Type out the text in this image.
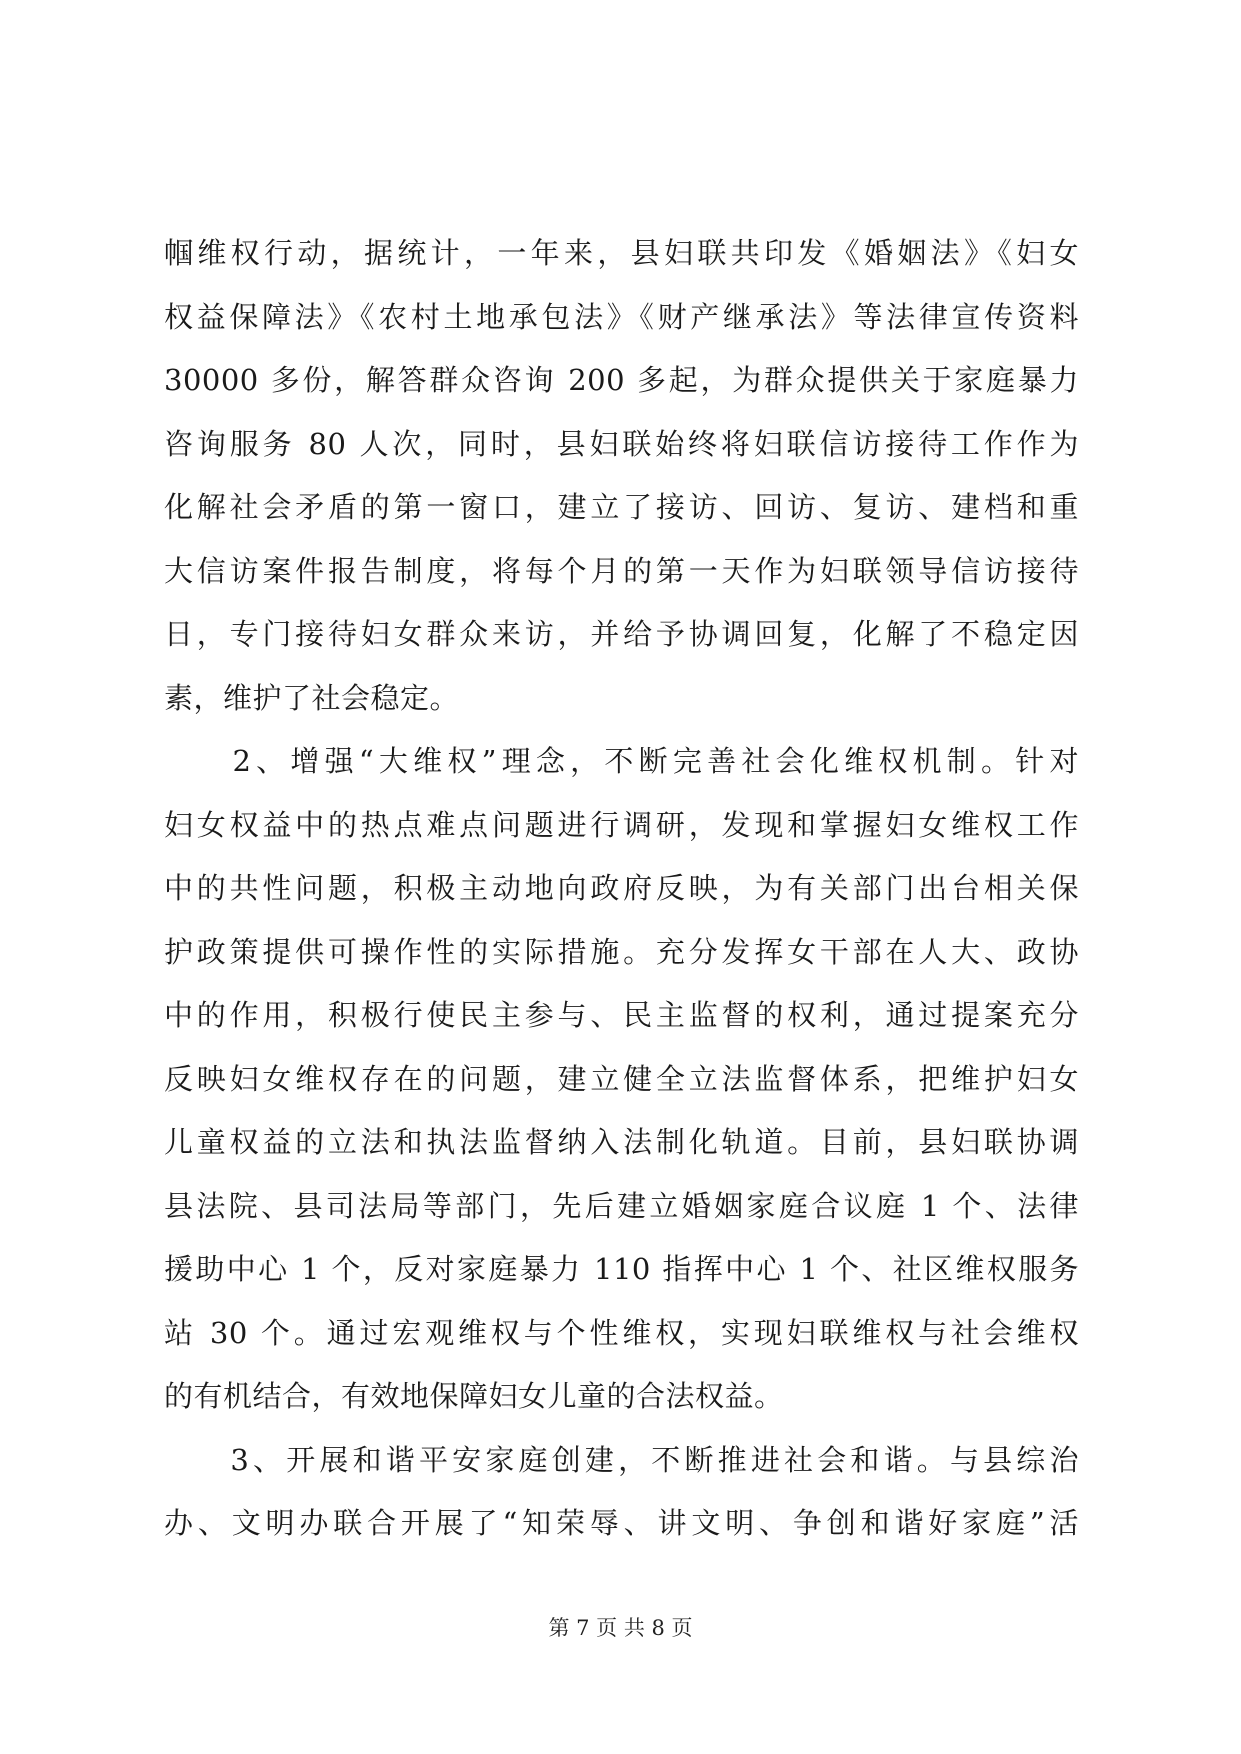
帼维权行动，据统计，一年来，县妇联共印发《婚姻法》《妇女
权益保障法》《农村土地承包法》《财产继承法》等法律宣传资料
30000 多份，解答群众咨询 200 多起，为群众提供关于家庭暴力
咨询服务 80 人次，同时，县妇联始终将妇联信访接待工作作为
化解社会矛盾的第一窗口，建立了接访、回访、复访、建档和重
大信访案件报告制度，将每个月的第一天作为妇联领导信访接待
日，专门接待妇女群众来访，并给予协调回复，化解了不稳定因
素，维护了社会稳定。
　　2、增强“大维权”理念，不断完善社会化维权机制。针对
妇女权益中的热点难点问题进行调研，发现和掌握妇女维权工作
中的共性问题，积极主动地向政府反映，为有关部门出台相关保
护政策提供可操作性的实际措施。充分发挥女干部在人大、政协
中的作用，积极行使民主参与、民主监督的权利，通过提案充分
反映妇女维权存在的问题，建立健全立法监督体系，把维护妇女
儿童权益的立法和执法监督纳入法制化轨道。目前，县妇联协调
县法院、县司法局等部门，先后建立婚姻家庭合议庭 1 个、法律
援助中心 1 个，反对家庭暴力 110 指挥中心 1 个、社区维权服务
站 30 个。通过宏观维权与个性维权，实现妇联维权与社会维权
的有机结合，有效地保障妇女儿童的合法权益。
　　3、开展和谐平安家庭创建，不断推进社会和谐。与县综治
办、文明办联合开展了“知荣辱、讲文明、争创和谐好家庭”活
第 7 页 共 8 页
